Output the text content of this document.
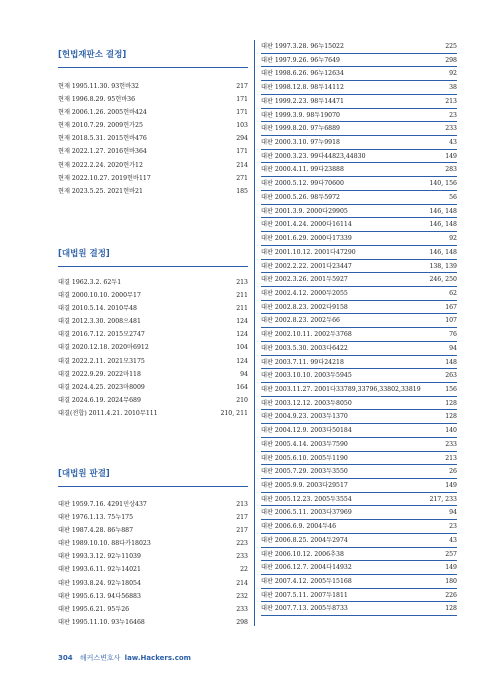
[헌법재판소 결정]
현재 1995.11.30. 93헌바32	217
현재 1996.8.29. 95헌바36	171
현재 2006.1.26. 2005헌바424	171
현재 2010.7.29. 2009헌가25	103
현재 2018.5.31. 2015헌바476	294
현재 2022.1.27. 2016헌바364	171
현재 2022.2.24. 2020헌가12	214
현재 2022.10.27. 2019헌바117	271
현재 2023.5.25. 2021헌바21	185
[대법원 결정]
대결 1962.3.2. 62두1	213
대결 2000.10.10. 2000무17	211
대결 2010.5.14. 2010무48	211
대결 2012.3.30. 2008으481	124
대결 2016.7.12. 2015모2747	124
대결 2020.12.18. 2020마6912	104
대결 2022.2.11. 2021모3175	124
대결 2022.9.29. 2022마118	94
대결 2024.4.25. 2023마8009	164
대결 2024.6.19. 2024무689	210
대결(전합) 2011.4.21. 2010무111	210, 211
[대법원 판결]
대판 1959.7.16. 4291민상437	213
대판 1976.1.13. 75누175	217
대판 1987.4.28. 86누887	217
대판 1989.10.10. 88다카18023	223
대판 1993.3.12. 92누11039	233
대판 1993.6.11. 92누14021	22
대판 1993.8.24. 92누18054	214
대판 1995.6.13. 94다56883	232
대판 1995.6.21. 95두26	233
대판 1995.11.10. 93누16468	298
대판 1997.3.28. 96누15022	225
대판 1997.9.26. 96누7649	298
대판 1998.6.26. 96누12634	92
대판 1998.12.8. 98두14112	38
대판 1999.2.23. 98두14471	213
대판 1999.3.9. 98두19070	23
대판 1999.8.20. 97누6889	233
대판 2000.3.10. 97누9918	43
대판 2000.3.23. 99다44823,44830	149
대판 2000.4.11. 99다23888	283
대판 2000.5.12. 99다70600	140, 156
대판 2000.5.26. 98두5972	56
대판 2001.3.9. 2000다29905	146, 148
대판 2001.4.24. 2000다16114	146, 148
대판 2001.6.29. 2000다17339	92
대판 2001.10.12. 2001다47290	146, 148
대판 2002.2.22. 2001다23447	138, 139
대판 2002.3.26. 2001두5927	246, 250
대판 2002.4.12. 2000두2055	62
대판 2002.8.23. 2002다9158	167
대판 2002.8.23. 2002두66	107
대판 2002.10.11. 2002두3768	76
대판 2003.5.30. 2003다6422	94
대판 2003.7.11. 99다24218	148
대판 2003.10.10. 2003두5945	263
대판 2003.11.27. 2001다33789,33796,33802,33819	156
대판 2003.12.12. 2003두8050	128
대판 2004.9.23. 2003두1370	128
대판 2004.12.9. 2003다50184	140
대판 2005.4.14. 2003두7590	233
대판 2005.6.10. 2005두1190	213
대판 2005.7.29. 2003두3550	26
대판 2005.9.9. 2003다29517	149
대판 2005.12.23. 2005두3554	217, 233
대판 2006.5.11. 2003다37969	94
대판 2006.6.9. 2004두46	23
대판 2006.8.25. 2004두2974	43
대판 2006.10.12. 2006추38	257
대판 2006.12.7. 2004다14932	149
대판 2007.4.12. 2005두15168	180
대판 2007.5.11. 2007두1811	226
대판 2007.7.13. 2005두8733	128
304 해커스변호사 law.Hackers.com
